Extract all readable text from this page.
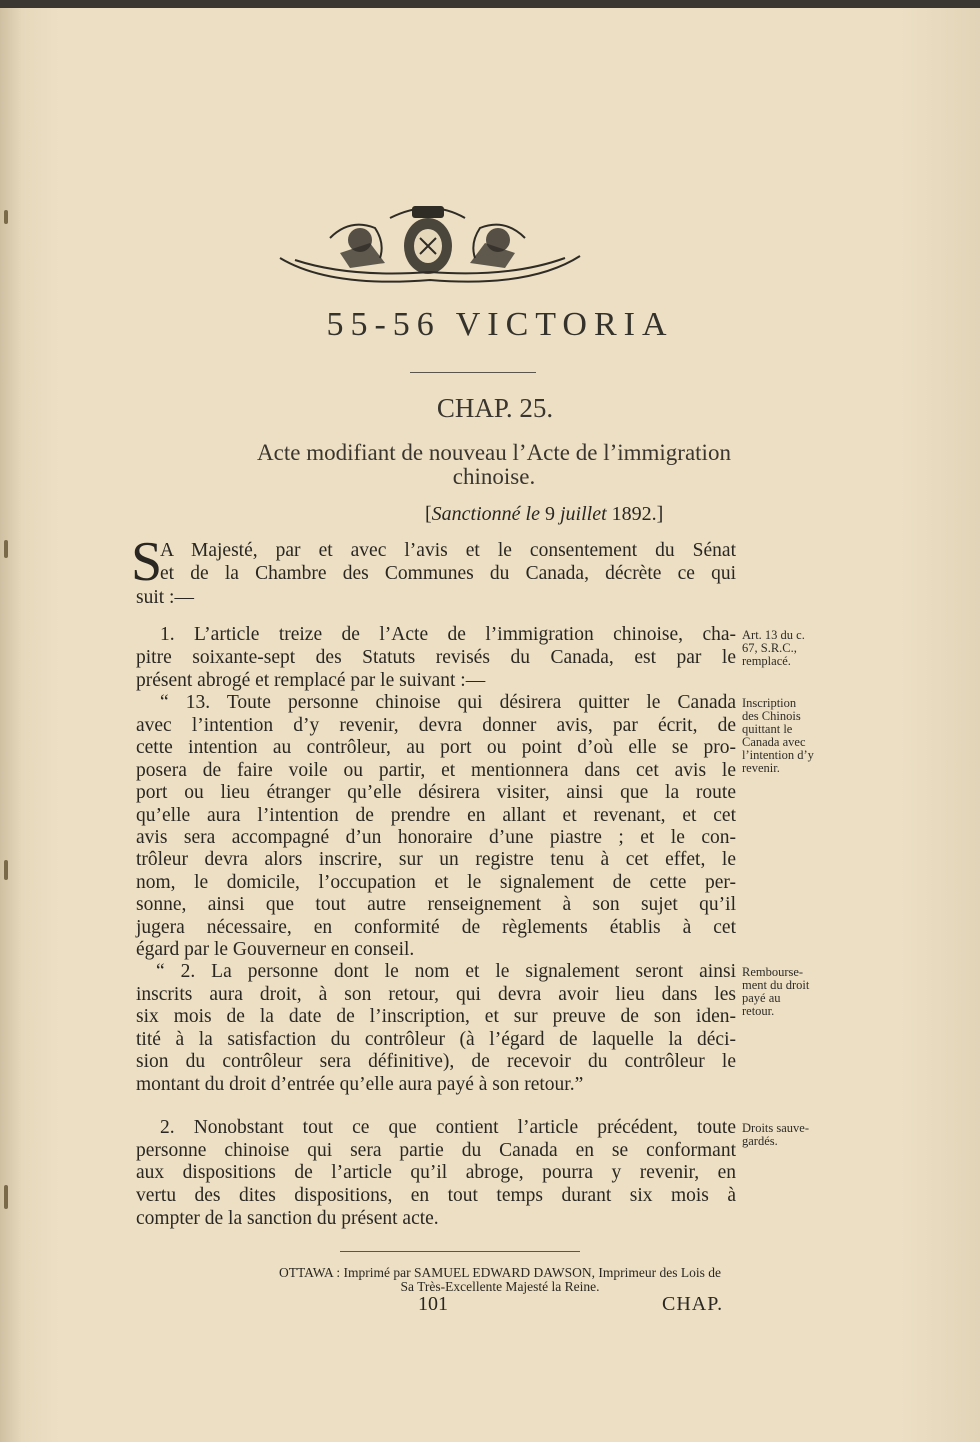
55-56 VICTORIA
CHAP. 25.
Acte modifiant de nouveau l’Acte de l’immigration
chinoise.
[Sanctionné le 9 juillet 1892.]
S
A Majesté, par et avec l’avis et le consentement du Sénat
et de la Chambre des Communes du Canada, décrète ce qui
suit :—
1. L’article treize de l’Acte de l’immigration chinoise, cha-
pitre soixante-sept des Statuts revisés du Canada, est par le
présent abrogé et remplacé par le suivant :—
“ 13. Toute personne chinoise qui désirera quitter le Canada
avec l’intention d’y revenir, devra donner avis, par écrit, de
cette intention au contrôleur, au port ou point d’où elle se pro-
posera de faire voile ou partir, et mentionnera dans cet avis le
port ou lieu étranger qu’elle désirera visiter, ainsi que la route
qu’elle aura l’intention de prendre en allant et revenant, et cet
avis sera accompagné d’un honoraire d’une piastre ; et le con-
trôleur devra alors inscrire, sur un registre tenu à cet effet, le
nom, le domicile, l’occupation et le signalement de cette per-
sonne, ainsi que tout autre renseignement à son sujet qu’il
jugera nécessaire, en conformité de règlements établis à cet
égard par le Gouverneur en conseil.
“ 2. La personne dont le nom et le signalement seront ainsi
inscrits aura droit, à son retour, qui devra avoir lieu dans les
six mois de la date de l’inscription, et sur preuve de son iden-
tité à la satisfaction du contrôleur (à l’égard de laquelle la déci-
sion du contrôleur sera définitive), de recevoir du contrôleur le
montant du droit d’entrée qu’elle aura payé à son retour.”
2. Nonobstant tout ce que contient l’article précédent, toute
personne chinoise qui sera partie du Canada en se conformant
aux dispositions de l’article qu’il abroge, pourra y revenir, en
vertu des dites dispositions, en tout temps durant six mois à
compter de la sanction du présent acte.
Art. 13 du c.
67, S.R.C.,
remplacé.
Inscription
des Chinois
quittant le
Canada avec
l’intention d’y
revenir.
Rembourse-
ment du droit
payé au
retour.
Droits sauve-
gardés.
OTTAWA : Imprimé par SAMUEL EDWARD DAWSON, Imprimeur des Lois de
Sa Très-Excellente Majesté la Reine.
101	CHAP.
